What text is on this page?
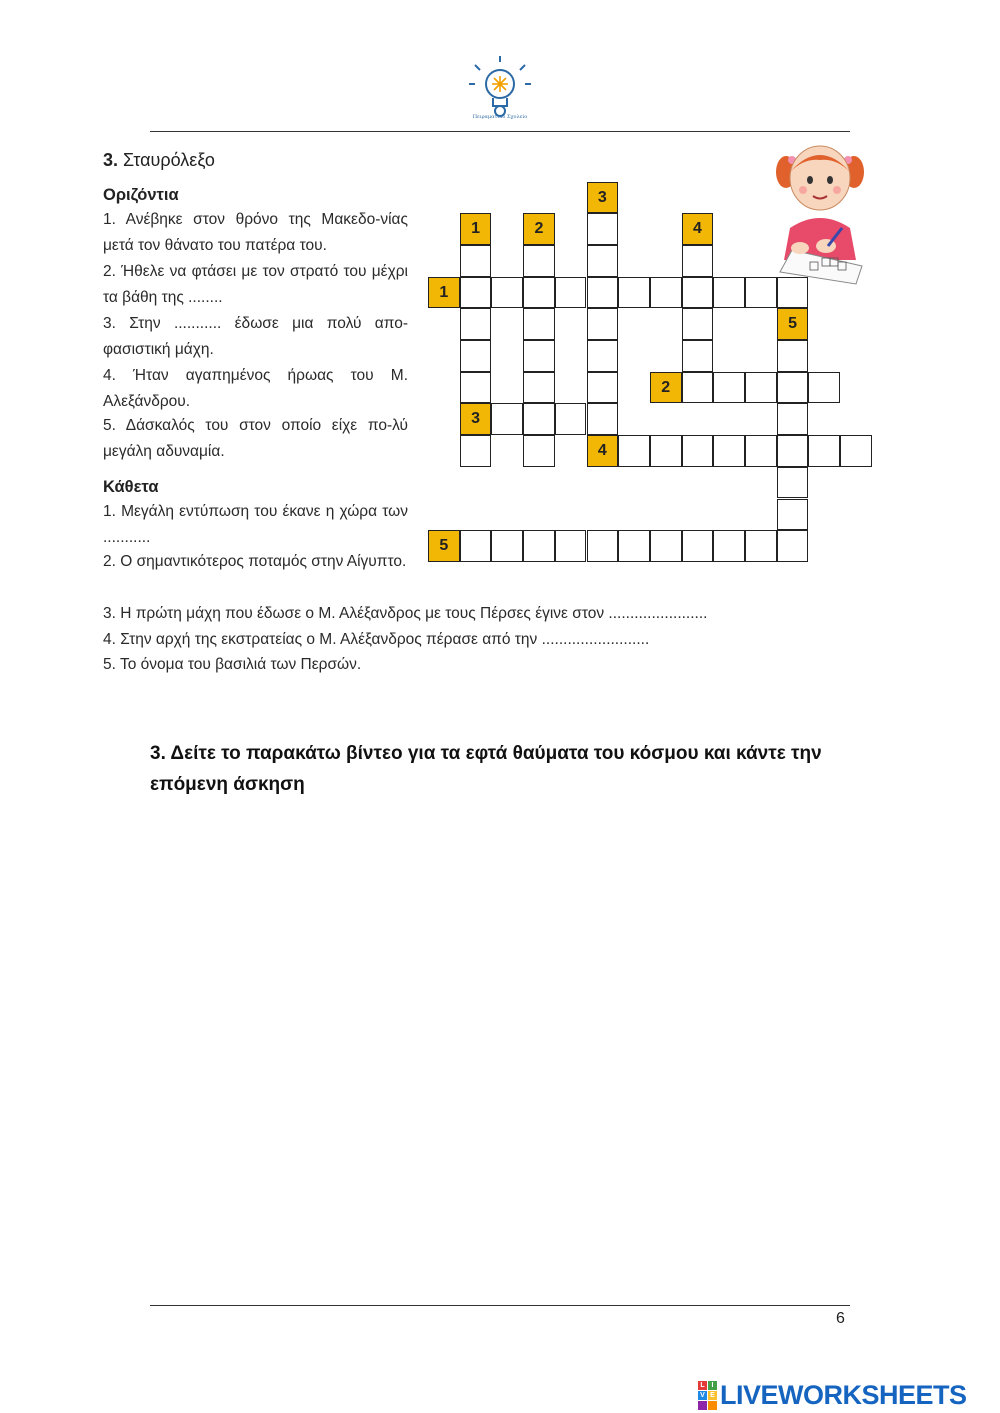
Πειραματικό Σχολείο
3. Σταυρόλεξο
Οριζόντια
1. Ανέβηκε στον θρόνο της Μακεδο-νίας μετά τον θάνατο του πατέρα του.
2. Ήθελε να φτάσει με τον στρατό του μέχρι τα βάθη της ........
3. Στην ........... έδωσε μια πολύ απο-φασιστική μάχη.
4. Ήταν αγαπημένος ήρωας του Μ. Αλεξάνδρου.
5. Δάσκαλός του στον οποίο είχε πο-λύ μεγάλη αδυναμία.
Κάθετα
1. Μεγάλη εντύπωση του έκανε η χώρα των ...........
2. Ο σημαντικότερος ποταμός στην Αίγυπτο.
3. Η πρώτη μάχη που έδωσε ο Μ. Αλέξανδρος με τους Πέρσες έγινε στον .......................
4. Στην αρχή της εκστρατείας ο Μ. Αλέξανδρος πέρασε από την .........................
5. Το όνομα του βασιλιά των Περσών.
1
3
2
3
4
4
5
1
2
5
3. Δείτε το παρακάτω βίντεο για τα εφτά θαύματα του κόσμου και κάντε την επόμενη άσκηση
6
L I
V E LIVEWORKSHEETS
